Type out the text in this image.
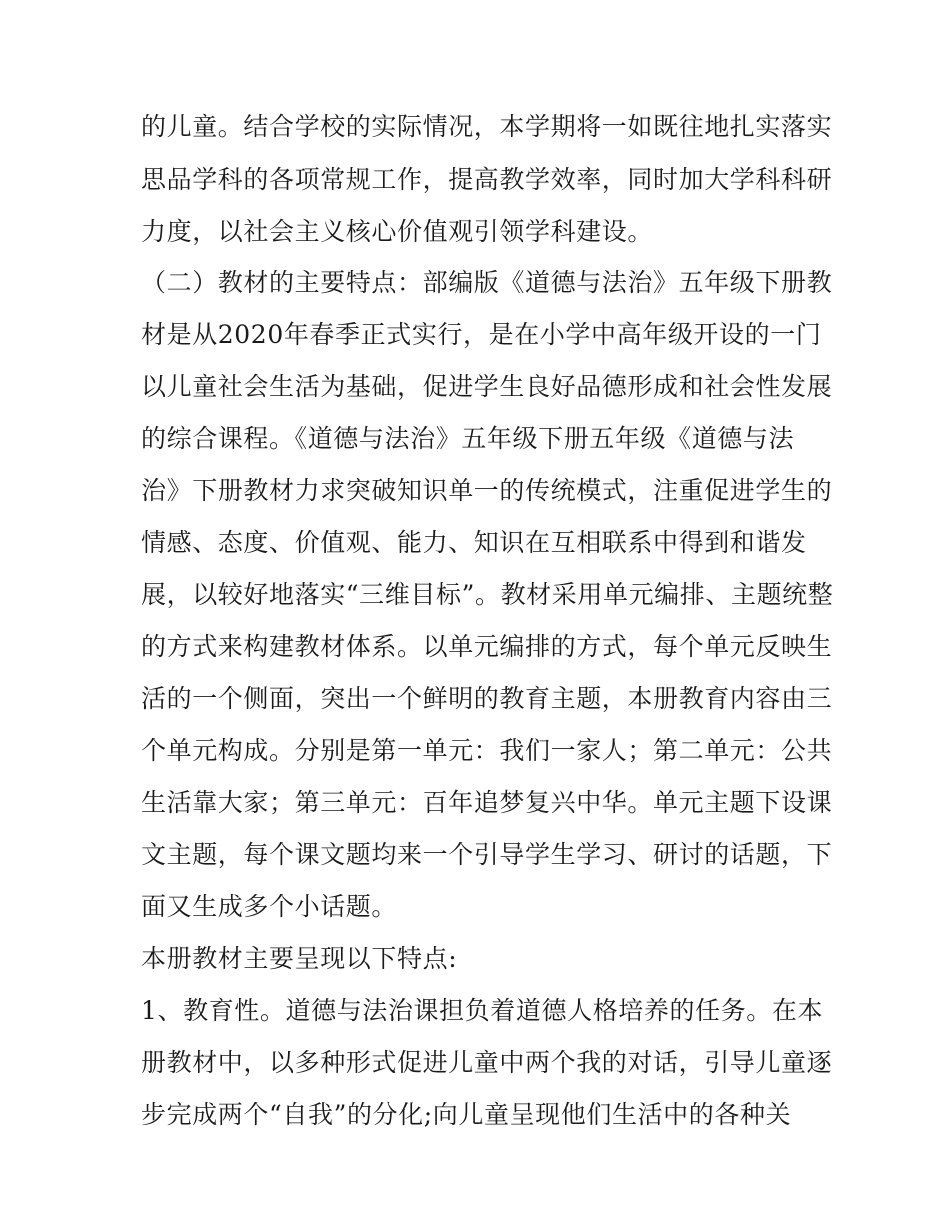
的儿童。结合学校的实际情况，本学期将一如既往地扎实落实

思品学科的各项常规工作，提高教学效率，同时加大学科科研

力度，以社会主义核心价值观引领学科建设。

（二）教材的主要特点：部编版《道德与法治》五年级下册教

材是从2020年春季正式实行，是在小学中高年级开设的一门

以儿童社会生活为基础，促进学生良好品德形成和社会性发展

的综合课程。《道德与法治》五年级下册五年级《道德与法

治》下册教材力求突破知识单一的传统模式，注重促进学生的

情感、态度、价值观、能力、知识在互相联系中得到和谐发

展，以较好地落实“三维目标”。教材采用单元编排、主题统整

的方式来构建教材体系。以单元编排的方式，每个单元反映生

活的一个侧面，突出一个鲜明的教育主题，本册教育内容由三

个单元构成。分别是第一单元：我们一家人；第二单元：公共

生活靠大家；第三单元：百年追梦复兴中华。单元主题下设课

文主题，每个课文题均来一个引导学生学习、研讨的话题，下

面又生成多个小话题。

本册教材主要呈现以下特点:

1、教育性。道德与法治课担负着道德人格培养的任务。在本

册教材中，以多种形式促进儿童中两个我的对话，引导儿童逐

步完成两个“自我”的分化;向儿童呈现他们生活中的各种关
